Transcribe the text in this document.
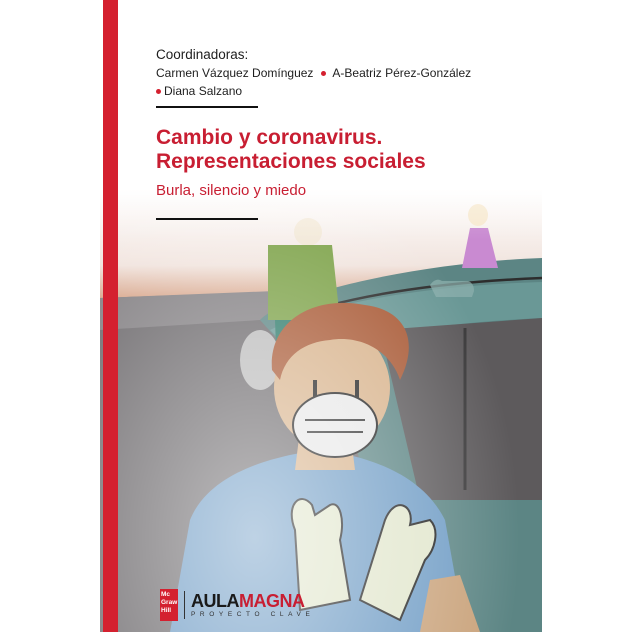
Coordinadoras:
Carmen Vázquez Domínguez A-Beatriz Pérez-González
Diana Salzano
Cambio y coronavirus.
Representaciones sociales
Burla, silencio y miedo
Mc
Graw
Hill	AULAMAGNA
PROYECTO CLAVE
